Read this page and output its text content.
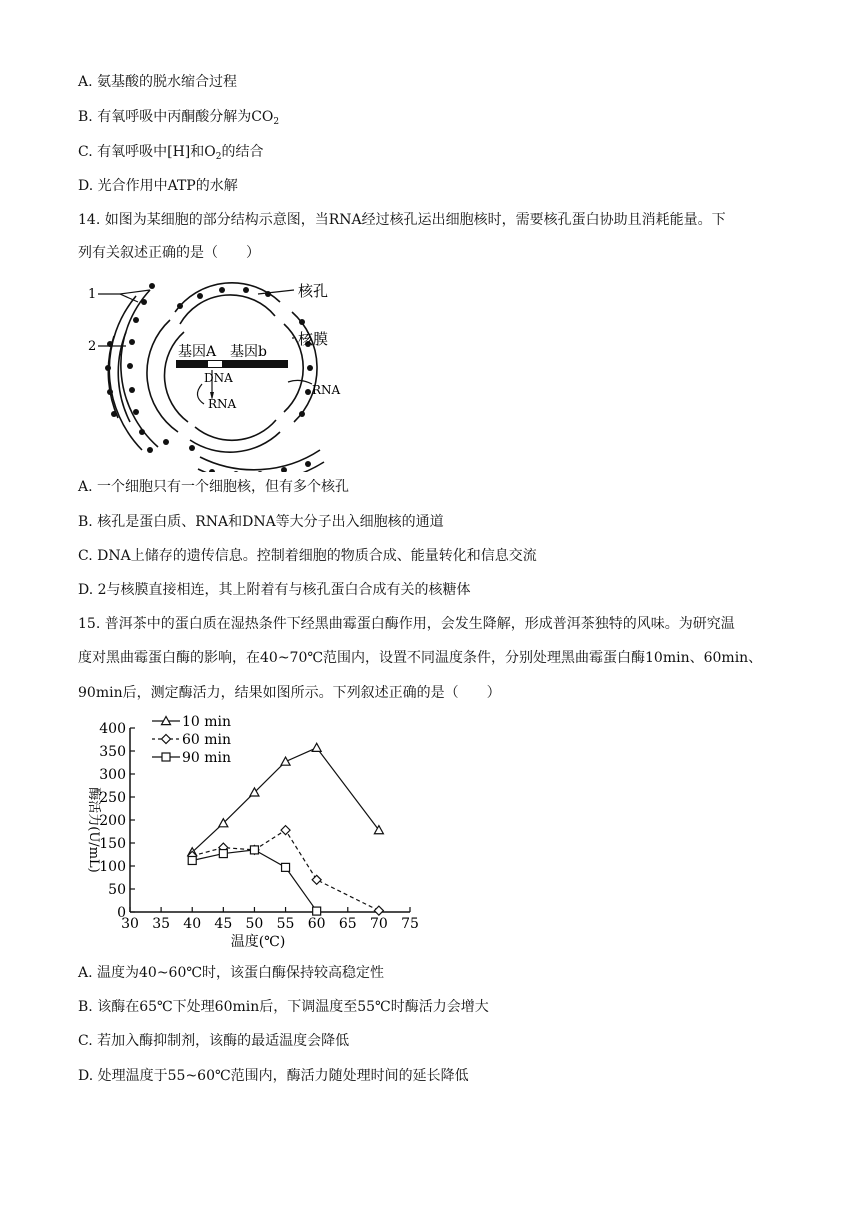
A. 氨基酸的脱水缩合过程
B. 有氧呼吸中丙酮酸分解为$CO_2$
C. 有氧呼吸中[H]和$O_2$的结合
D. 光合作用中ATP的水解
14. 如图为某细胞的部分结构示意图，当RNA经过核孔运出细胞核时，需要核孔蛋白协助且消耗能量。下
列有关叙述正确的是（　　）
1
2
核孔
核膜
基因A 基因b
DNA
RNA
RNA
A. 一个细胞只有一个细胞核，但有多个核孔
B. 核孔是蛋白质、RNA和DNA等大分子出入细胞核的通道
C. DNA上储存的遗传信息。控制着细胞的物质合成、能量转化和信息交流
D. 2与核膜直接相连，其上附着有与核孔蛋白合成有关的核糖体
15. 普洱茶中的蛋白质在湿热条件下经黑曲霉蛋白酶作用，会发生降解，形成普洱茶独特的风味。为研究温
度对黑曲霉蛋白酶的影响，在40~70℃范围内，设置不同温度条件，分别处理黑曲霉蛋白酶10min、60min、
90min后，测定酶活力，结果如图所示。下列叙述正确的是（　　）
30 35 40 45 50 55 60 65 70 75
0
50
100
150
200
250
300
350
400
温度(℃)
酶活力(U/mL)
10 min
60 min
90 min
A. 温度为40~60℃时，该蛋白酶保持较高稳定性
B. 该酶在65℃下处理60min后，下调温度至55℃时酶活力会增大
C. 若加入酶抑制剂，该酶的最适温度会降低
D. 处理温度于55~60℃范围内，酶活力随处理时间的延长降低
